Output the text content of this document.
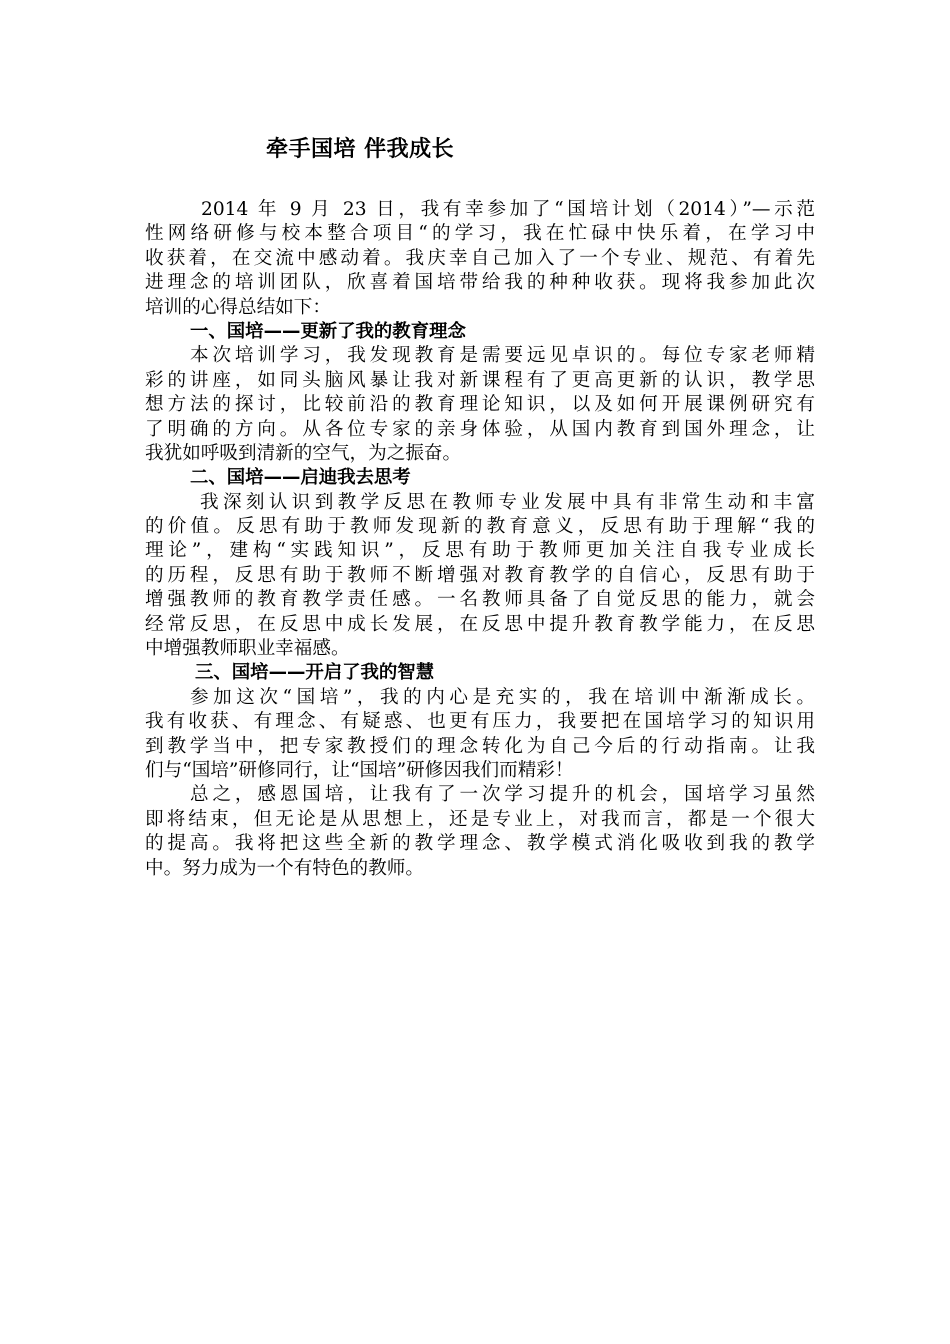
牵手国培 伴我成长
2014 年 9 月 23 日，我有幸参加了“国培计划（2014）”—示范
性网络研修与校本整合项目“的学习，我在忙碌中快乐着，在学习中
收获着，在交流中感动着。我庆幸自己加入了一个专业、规范、有着先
进理念的培训团队，欣喜着国培带给我的种种收获。现将我参加此次
培训的心得总结如下：
一、国培——更新了我的教育理念
本次培训学习，我发现教育是需要远见卓识的。每位专家老师精
彩的讲座，如同头脑风暴让我对新课程有了更高更新的认识，教学思
想方法的探讨，比较前沿的教育理论知识，以及如何开展课例研究有
了明确的方向。从各位专家的亲身体验，从国内教育到国外理念，让
我犹如呼吸到清新的空气，为之振奋。
二、国培——启迪我去思考
我深刻认识到教学反思在教师专业发展中具有非常生动和丰富
的价值。反思有助于教师发现新的教育意义，反思有助于理解“我的
理论”，建构“实践知识”，反思有助于教师更加关注自我专业成长
的历程，反思有助于教师不断增强对教育教学的自信心，反思有助于
增强教师的教育教学责任感。一名教师具备了自觉反思的能力，就会
经常反思，在反思中成长发展，在反思中提升教育教学能力，在反思
中增强教师职业幸福感。
三、国培——开启了我的智慧
参加这次“国培”，我的内心是充实的，我在培训中渐渐成长。
我有收获、有理念、有疑惑、也更有压力，我要把在国培学习的知识用
到教学当中，把专家教授们的理念转化为自己今后的行动指南。让我
们与“国培”研修同行，让“国培”研修因我们而精彩！
总之，感恩国培，让我有了一次学习提升的机会，国培学习虽然
即将结束，但无论是从思想上，还是专业上，对我而言，都是一个很大
的提高。我将把这些全新的教学理念、教学模式消化吸收到我的教学
中。努力成为一个有特色的教师。
